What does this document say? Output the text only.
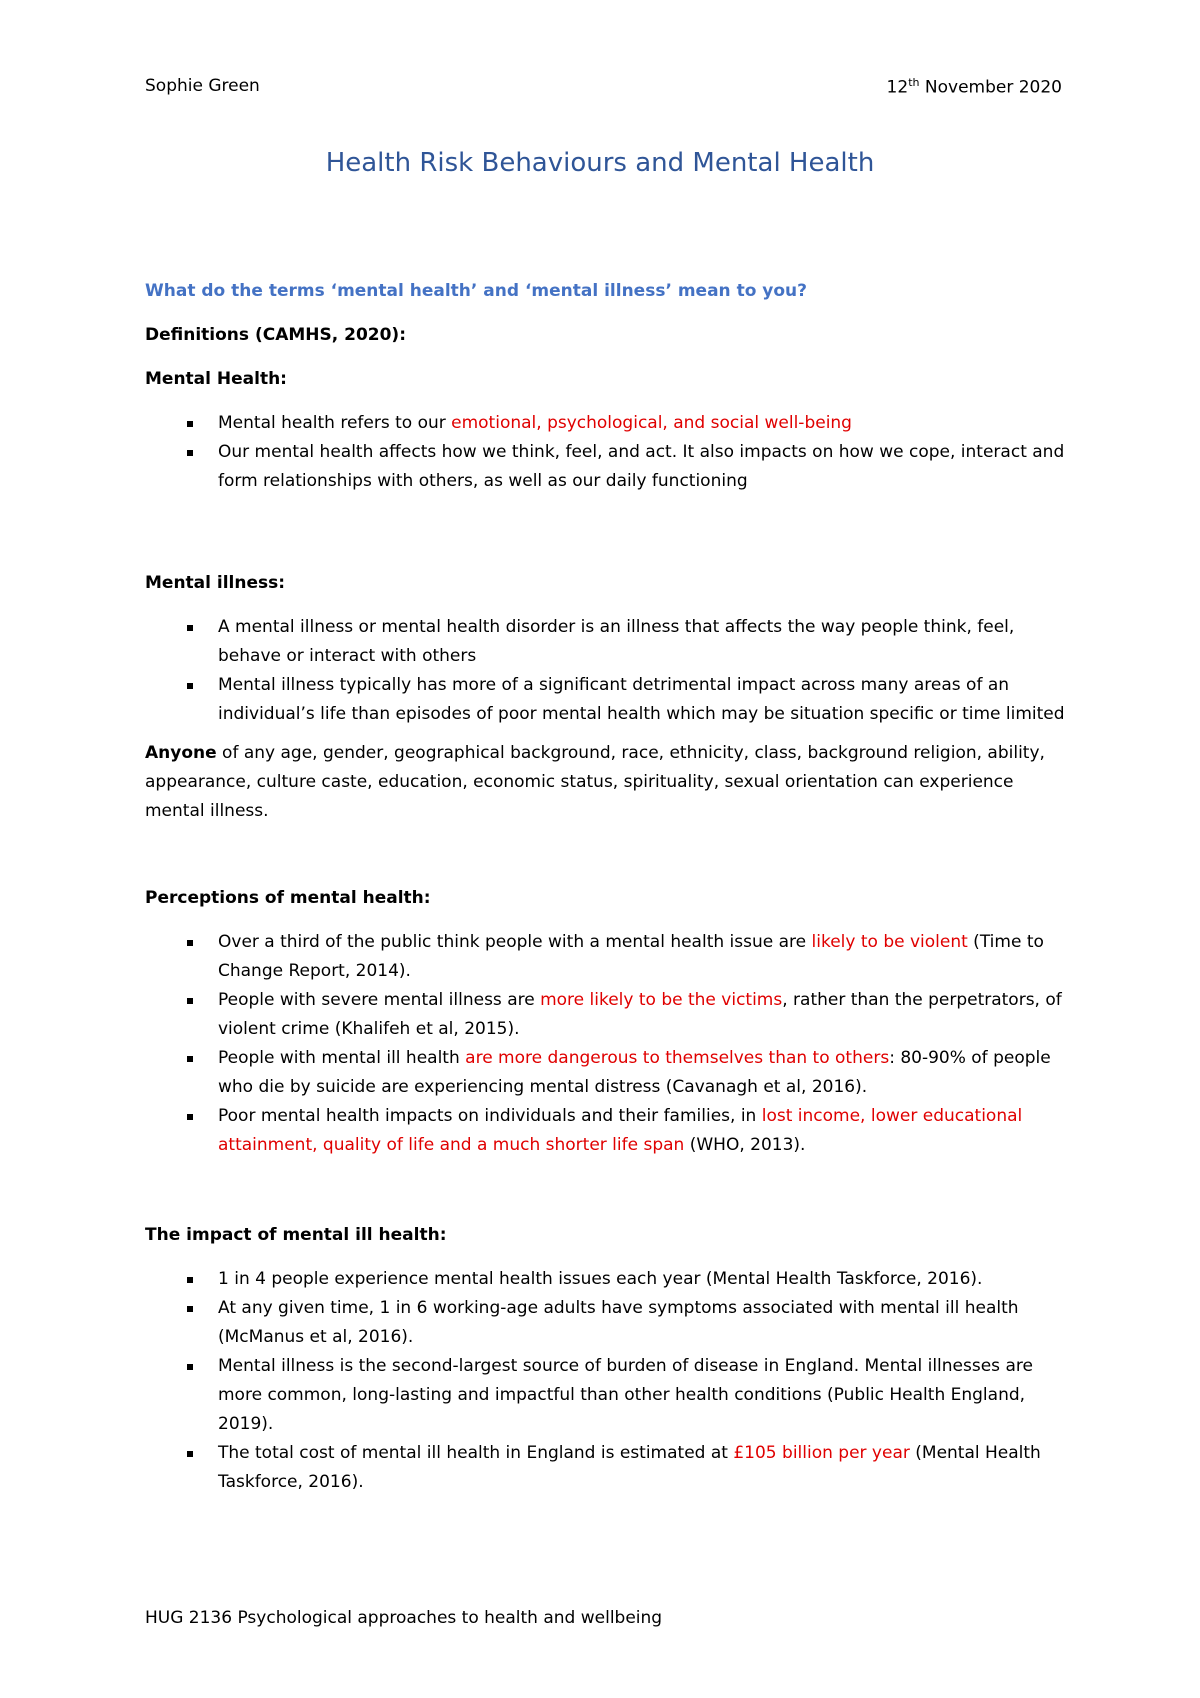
Sophie Green	12th November 2020
Health Risk Behaviours and Mental Health

What do the terms ‘mental health’ and ‘mental illness’ mean to you?

Definitions (CAMHS, 2020):

Mental Health:

Mental health refers to our emotional, psychological, and social well-being
Our mental health affects how we think, feel, and act. It also impacts on how we cope, interact and form relationships with others, as well as our daily functioning

Mental illness:

A mental illness or mental health disorder is an illness that affects the way people think, feel, behave or interact with others
Mental illness typically has more of a significant detrimental impact across many areas of an individual’s life than episodes of poor mental health which may be situation specific or time limited

Anyone of any age, gender, geographical background, race, ethnicity, class, background religion, ability, appearance, culture caste, education, economic status, spirituality, sexual orientation can experience mental illness.

Perceptions of mental health:

Over a third of the public think people with a mental health issue are likely to be violent (Time to Change Report, 2014).
People with severe mental illness are more likely to be the victims, rather than the perpetrators, of violent crime (Khalifeh et al, 2015).
People with mental ill health are more dangerous to themselves than to others: 80-90% of people who die by suicide are experiencing mental distress (Cavanagh et al, 2016).
Poor mental health impacts on individuals and their families, in lost income, lower educational attainment, quality of life and a much shorter life span (WHO, 2013).

The impact of mental ill health:

1 in 4 people experience mental health issues each year (Mental Health Taskforce, 2016).
At any given time, 1 in 6 working-age adults have symptoms associated with mental ill health (McManus et al, 2016).
Mental illness is the second-largest source of burden of disease in England. Mental illnesses are more common, long-lasting and impactful than other health conditions (Public Health England, 2019).
The total cost of mental ill health in England is estimated at £105 billion per year (Mental Health Taskforce, 2016).
HUG 2136 Psychological approaches to health and wellbeing
